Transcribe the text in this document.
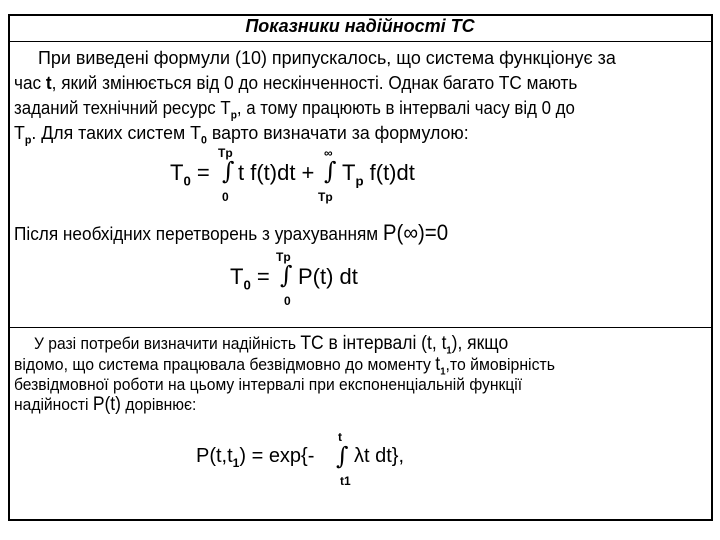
Показники надійності ТС
При виведені формули (10) припускалось, що система функціонує за
час t, який змінюється від 0 до нескінченності. Однак багато ТС мають
заданий технічний ресурс $T_p$, а тому працюють в інтервалі часу від 0 до
$T_p$. Для таких систем $T_0$ варто визначати за формулою:
$T_0$ =
Tp
∫
0
t f(t)dt +
∞
∫
Tp
$T_p$ f(t)dt
Після необхідних перетворень з урахуванням P(∞)=0
$T_0$ =
Tp
∫
0
P(t) dt
У разі потреби визначити надійність ТС в інтервалі (t, $t_1$), якщо
відомо, що система працювала безвідмовно до моменту $t_1,то$ ймовірність
безвідмовної роботи на цьому інтервалі при експоненціальній функції
надійності P(t) дорівнює:
$P(t,t_1) = \exp\{-$
t
∫
t1
λt dt},
